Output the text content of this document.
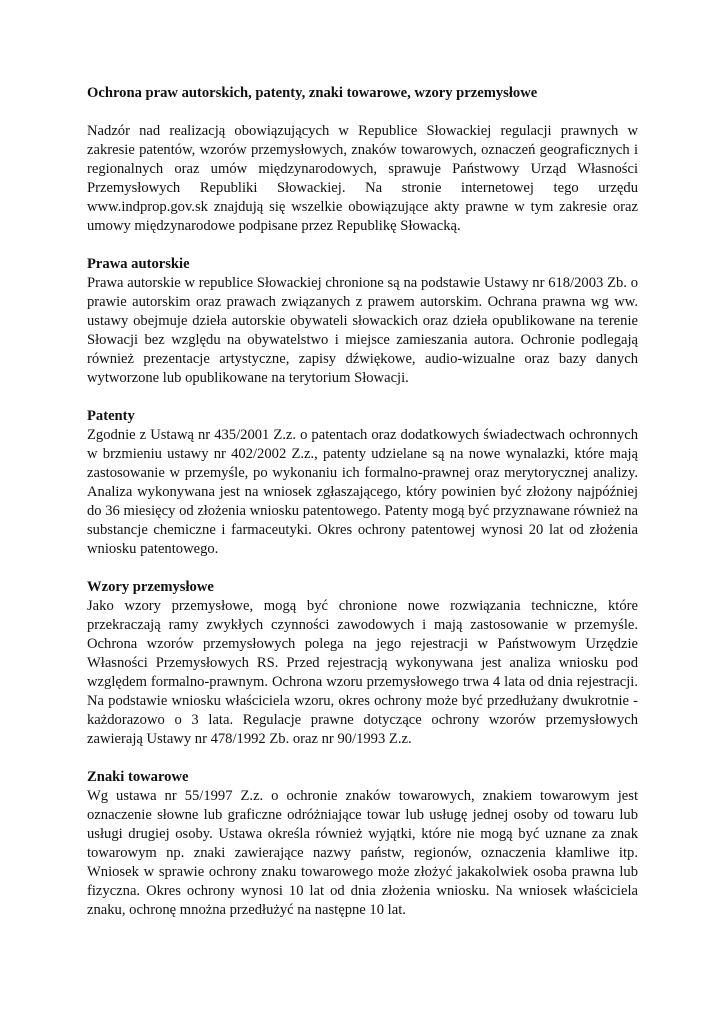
Ochrona praw autorskich, patenty, znaki towarowe, wzory przemysłowe

Nadzór nad realizacją obowiązujących w Republice Słowackiej regulacji prawnych w zakresie patentów, wzorów przemysłowych, znaków towarowych, oznaczeń geograficznych i regionalnych oraz umów międzynarodowych, sprawuje Państwowy Urząd Własności Przemysłowych Republiki Słowackiej. Na stronie internetowej tego urzędu www.indprop.gov.sk znajdują się wszelkie obowiązujące akty prawne w tym zakresie oraz umowy międzynarodowe podpisane przez Republikę Słowacką.

Prawa autorskie

Prawa autorskie w republice Słowackiej chronione są na podstawie Ustawy nr 618/2003 Zb. o prawie autorskim oraz prawach związanych z prawem autorskim. Ochrana prawna wg ww. ustawy obejmuje dzieła autorskie obywateli słowackich oraz dzieła opublikowane na terenie Słowacji bez względu na obywatelstwo i miejsce zamieszania autora. Ochronie podlegają również prezentacje artystyczne, zapisy dźwiękowe, audio-wizualne oraz bazy danych wytworzone lub opublikowane na terytorium Słowacji.

Patenty

Zgodnie z Ustawą nr 435/2001 Z.z. o patentach oraz dodatkowych świadectwach ochronnych w brzmieniu ustawy nr 402/2002 Z.z., patenty udzielane są na nowe wynalazki, które mają zastosowanie w przemyśle, po wykonaniu ich formalno-prawnej oraz merytorycznej analizy. Analiza wykonywana jest na wniosek zgłaszającego, który powinien być złożony najpóźniej do 36 miesięcy od złożenia wniosku patentowego. Patenty mogą być przyznawane również na substancje chemiczne i farmaceutyki. Okres ochrony patentowej wynosi 20 lat od złożenia wniosku patentowego.

Wzory przemysłowe

Jako wzory przemysłowe, mogą być chronione nowe rozwiązania techniczne, które przekraczają ramy zwykłych czynności zawodowych i mają zastosowanie w przemyśle. Ochrona wzorów przemysłowych polega na jego rejestracji w Państwowym Urzędzie Własności Przemysłowych RS. Przed rejestracją wykonywana jest analiza wniosku pod względem formalno-prawnym. Ochrona wzoru przemysłowego trwa 4 lata od dnia rejestracji. Na podstawie wniosku właściciela wzoru, okres ochrony może być przedłużany dwukrotnie - każdorazowo o 3 lata. Regulacje prawne dotyczące ochrony wzorów przemysłowych zawierają Ustawy nr 478/1992 Zb. oraz nr 90/1993 Z.z.

Znaki towarowe

Wg ustawa nr 55/1997 Z.z. o ochronie znaków towarowych, znakiem towarowym jest oznaczenie słowne lub graficzne odróżniające towar lub usługę jednej osoby od towaru lub usługi drugiej osoby. Ustawa określa również wyjątki, które nie mogą być uznane za znak towarowym np. znaki zawierające nazwy państw, regionów, oznaczenia kłamliwe itp. Wniosek w sprawie ochrony znaku towarowego może złożyć jakakolwiek osoba prawna lub fizyczna. Okres ochrony wynosi 10 lat od dnia złożenia wniosku. Na wniosek właściciela znaku, ochronę mnożna przedłużyć na następne 10 lat.
